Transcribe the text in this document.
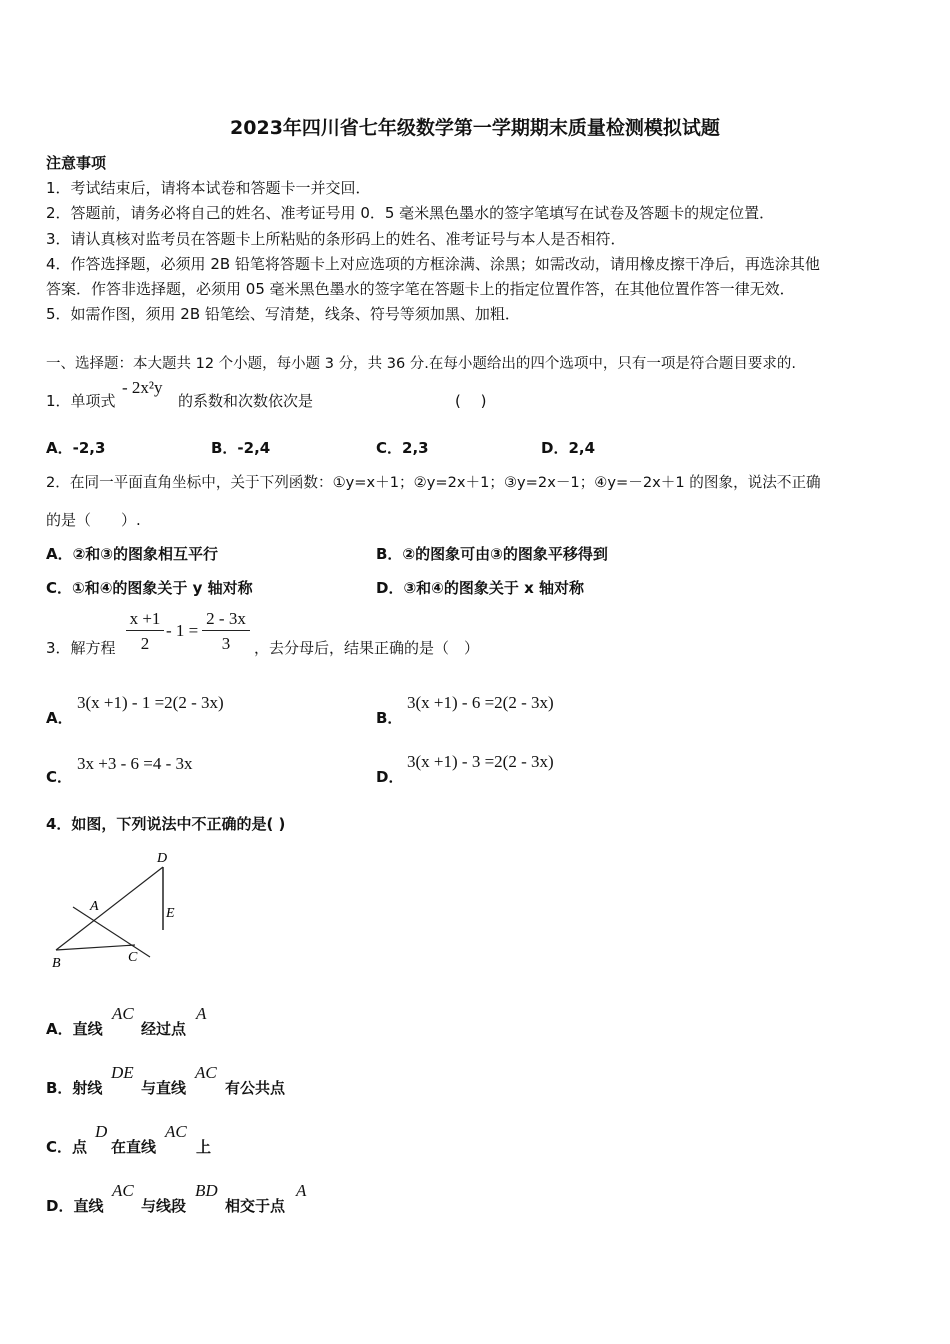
2023年四川省七年级数学第一学期期末质量检测模拟试题
注意事项
1．考试结束后，请将本试卷和答题卡一并交回．
2．答题前，请务必将自己的姓名、准考证号用 0．5 毫米黑色墨水的签字笔填写在试卷及答题卡的规定位置．
3．请认真核对监考员在答题卡上所粘贴的条形码上的姓名、准考证号与本人是否相符．
4．作答选择题，必须用 2B 铅笔将答题卡上对应选项的方框涂满、涂黑；如需改动，请用橡皮擦干净后，再选涂其他
答案．作答非选择题，必须用 05 毫米黑色墨水的签字笔在答题卡上的指定位置作答，在其他位置作答一律无效．
5．如需作图，须用 2B 铅笔绘、写清楚，线条、符号等须加黑、加粗．
一、选择题：本大题共 12 个小题，每小题 3 分，共 36 分.在每小题给出的四个选项中，只有一项是符合题目要求的.
1．单项式
- 2x²y
的系数和次数依次是	(　 )
A．-2,3	B．-2,4	C．2,3	D．2,4
2．在同一平面直角坐标中，关于下列函数：①y=x＋1；②y=2x＋1；③y=2x－1；④y=－2x＋1 的图象，说法不正确
的是（　　）.
A．②和③的图象相互平行	B．②的图象可由③的图象平移得到
C．①和④的图象关于 y 轴对称	D．③和④的图象关于 x 轴对称
3．解方程
x +1
2
- 1 =
2 - 3x
3	，去分母后，结果正确的是（　）
A．
3(x +1) - 1 =2(2 - 3x)
B．
3(x +1) - 6 =2(2 - 3x)
C．
3x +3 - 6 =4 - 3x
D．
3(x +1) - 3 =2(2 - 3x)
4．如图，下列说法中不正确的是( )
D
A	E
B	C
A．直线
AC
经过点
A
B．射线
DE
与直线
AC
有公共点
C．点
D
在直线
AC
上
D．直线
AC
与线段
BD
相交于点
A
